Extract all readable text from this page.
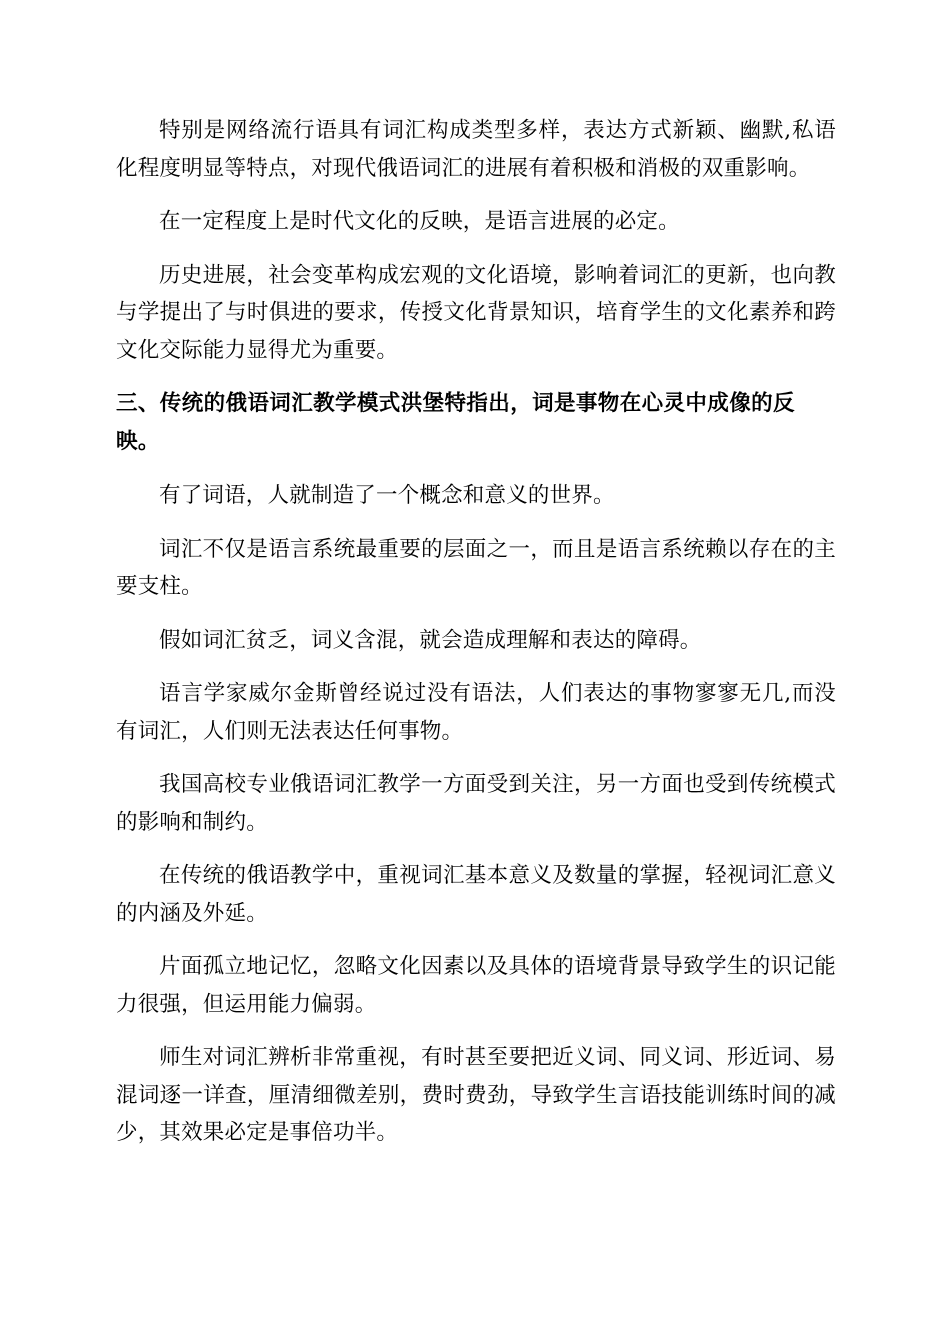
特别是网络流行语具有词汇构成类型多样，表达方式新颖、幽默,私语化程度明显等特点，对现代俄语词汇的进展有着积极和消极的双重影响。

在一定程度上是时代文化的反映，是语言进展的必定。

历史进展，社会变革构成宏观的文化语境，影响着词汇的更新，也向教与学提出了与时俱进的要求，传授文化背景知识，培育学生的文化素养和跨文化交际能力显得尤为重要。

三、传统的俄语词汇教学模式洪堡特指出，词是事物在心灵中成像的反映。

有了词语，人就制造了一个概念和意义的世界。

词汇不仅是语言系统最重要的层面之一，而且是语言系统赖以存在的主要支柱。

假如词汇贫乏，词义含混，就会造成理解和表达的障碍。

语言学家威尔金斯曾经说过没有语法，人们表达的事物寥寥无几,而没有词汇，人们则无法表达任何事物。

我国高校专业俄语词汇教学一方面受到关注，另一方面也受到传统模式的影响和制约。

在传统的俄语教学中，重视词汇基本意义及数量的掌握，轻视词汇意义的内涵及外延。

片面孤立地记忆，忽略文化因素以及具体的语境背景导致学生的识记能力很强，但运用能力偏弱。

师生对词汇辨析非常重视，有时甚至要把近义词、同义词、形近词、易混词逐一详查，厘清细微差别，费时费劲，导致学生言语技能训练时间的减少，其效果必定是事倍功半。
